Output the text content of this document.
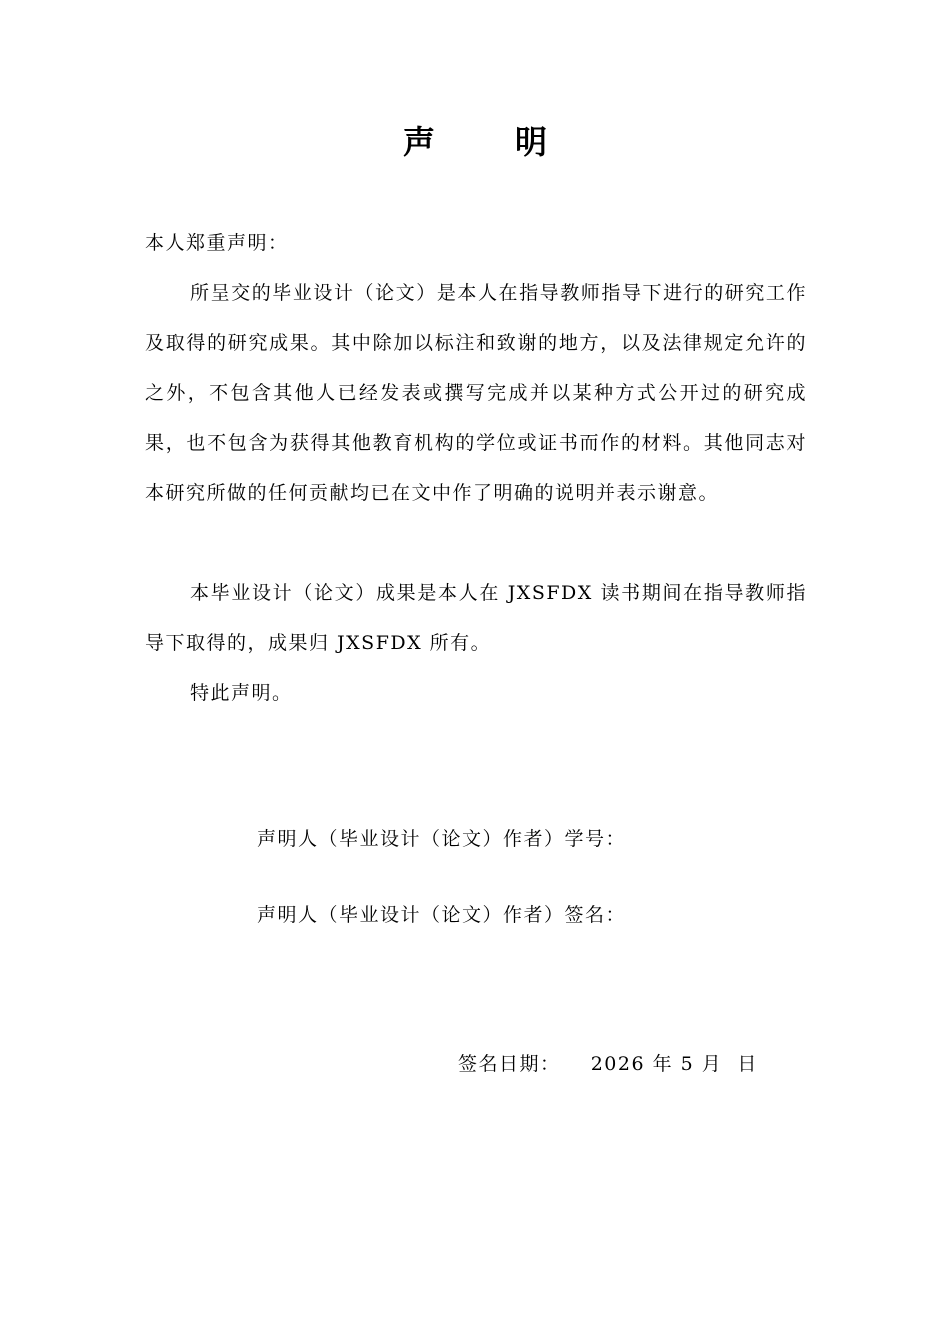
声明
本人郑重声明：
所呈交的毕业设计（论文）是本人在指导教师指导下进行的研究工作及取得的研究成果。其中除加以标注和致谢的地方，以及法律规定允许的之外，不包含其他人已经发表或撰写完成并以某种方式公开过的研究成果，也不包含为获得其他教育机构的学位或证书而作的材料。其他同志对本研究所做的任何贡献均已在文中作了明确的说明并表示谢意。
本毕业设计（论文）成果是本人在 JXSFDX 读书期间在指导教师指导下取得的，成果归 JXSFDX 所有。
特此声明。
声明人（毕业设计（论文）作者）学号：
声明人（毕业设计（论文）作者）签名：
签名日期： 2026 年 5 月  日
